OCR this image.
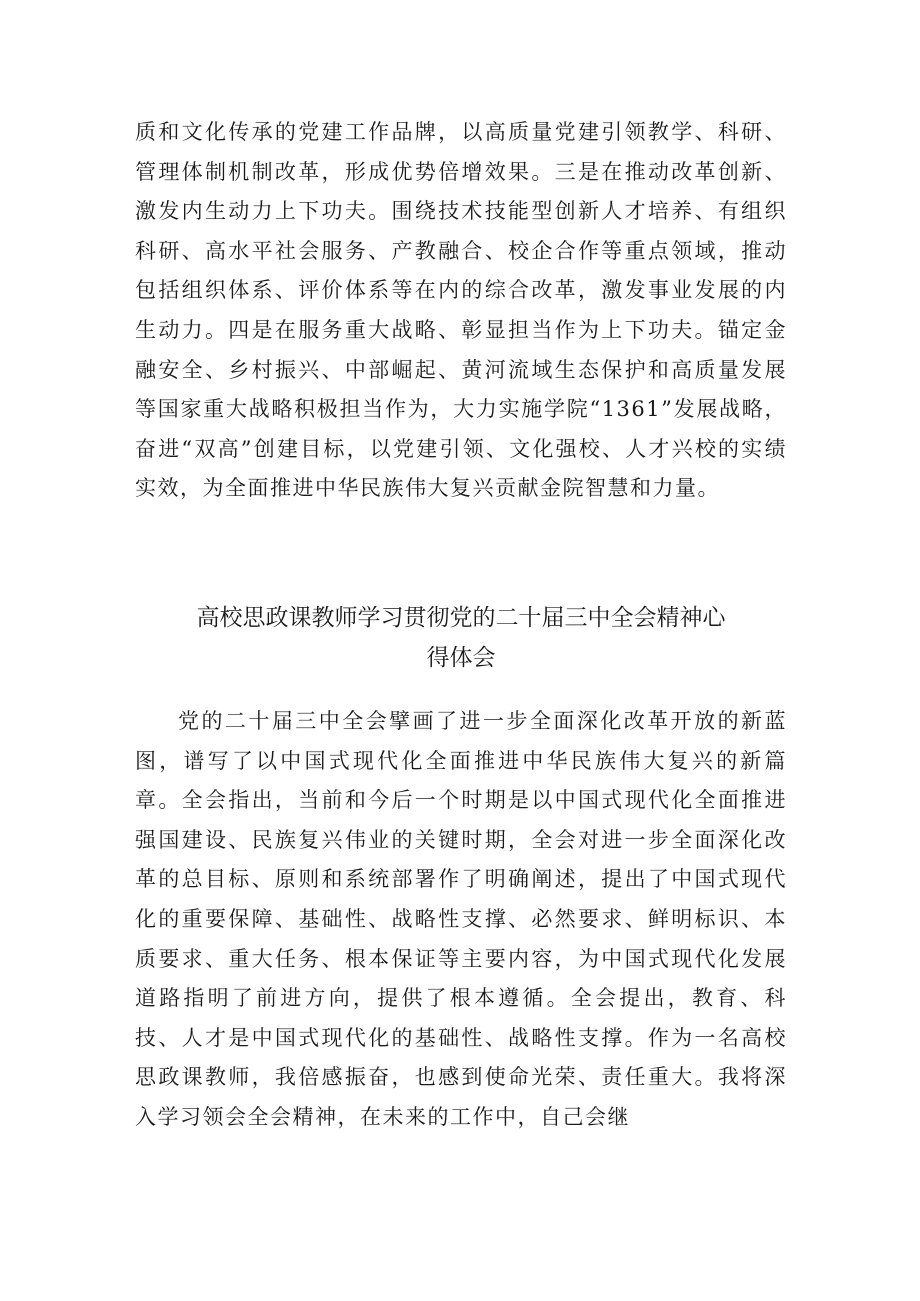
质和文化传承的党建工作品牌，以高质量党建引领教学、科研、管理体制机制改革，形成优势倍增效果。三是在推动改革创新、激发内生动力上下功夫。围绕技术技能型创新人才培养、有组织科研、高水平社会服务、产教融合、校企合作等重点领域，推动包括组织体系、评价体系等在内的综合改革，激发事业发展的内生动力。四是在服务重大战略、彰显担当作为上下功夫。锚定金融安全、乡村振兴、中部崛起、黄河流域生态保护和高质量发展等国家重大战略积极担当作为，大力实施学院“1361”发展战略，奋进“双高”创建目标，以党建引领、文化强校、人才兴校的实绩实效，为全面推进中华民族伟大复兴贡献金院智慧和力量。

高校思政课教师学习贯彻党的二十届三中全会精神心
得体会

党的二十届三中全会擘画了进一步全面深化改革开放的新蓝图，谱写了以中国式现代化全面推进中华民族伟大复兴的新篇章。全会指出，当前和今后一个时期是以中国式现代化全面推进强国建设、民族复兴伟业的关键时期，全会对进一步全面深化改革的总目标、原则和系统部署作了明确阐述，提出了中国式现代化的重要保障、基础性、战略性支撑、必然要求、鲜明标识、本质要求、重大任务、根本保证等主要内容，为中国式现代化发展道路指明了前进方向，提供了根本遵循。全会提出，教育、科技、人才是中国式现代化的基础性、战略性支撑。作为一名高校思政课教师，我倍感振奋，也感到使命光荣、责任重大。我将深入学习领会全会精神，在未来的工作中，自己会继
